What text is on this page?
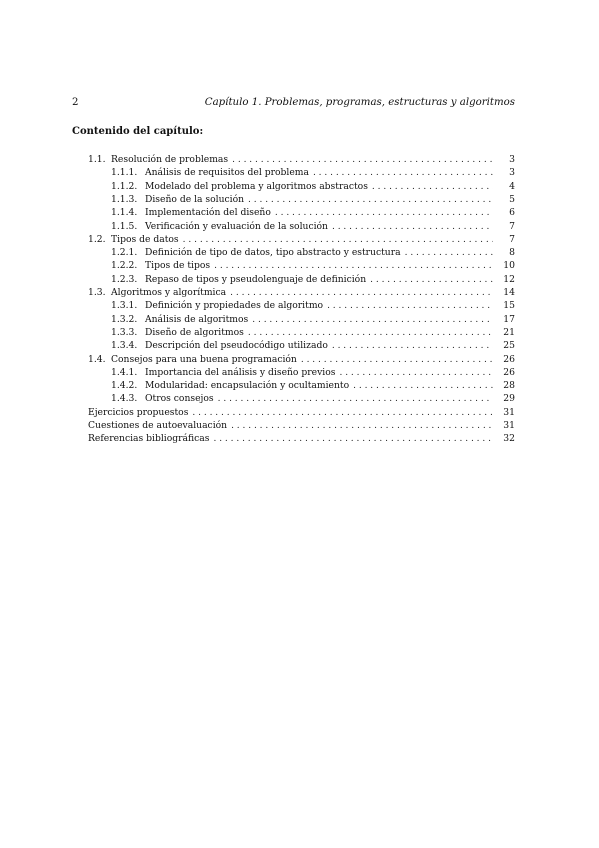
2	Capítulo 1. Problemas, programas, estructuras y algoritmos
Contenido del capítulo:
1.1. Resolución de problemas . . .	3
1.1.1. Análisis de requisitos del problema . . .	3
1.1.2. Modelado del problema y algoritmos abstractos . . .	4
1.1.3. Diseño de la solución . . .	5
1.1.4. Implementación del diseño . . .	6
1.1.5. Verificación y evaluación de la solución . . .	7
1.2. Tipos de datos . . .	7
1.2.1. Definición de tipo de datos, tipo abstracto y estructura . . .	8
1.2.2. Tipos de tipos . . .	10
1.2.3. Repaso de tipos y pseudolenguaje de definición . . .	12
1.3. Algoritmos y algorítmica . . .	14
1.3.1. Definición y propiedades de algoritmo . . .	15
1.3.2. Análisis de algoritmos . . .	17
1.3.3. Diseño de algoritmos . . .	21
1.3.4. Descripción del pseudocódigo utilizado . . .	25
1.4. Consejos para una buena programación . . .	26
1.4.1. Importancia del análisis y diseño previos . . .	26
1.4.2. Modularidad: encapsulación y ocultamiento . . .	28
1.4.3. Otros consejos . . .	29
Ejercicios propuestos . . .	31
Cuestiones de autoevaluación . . .	31
Referencias bibliográficas . . .	32
